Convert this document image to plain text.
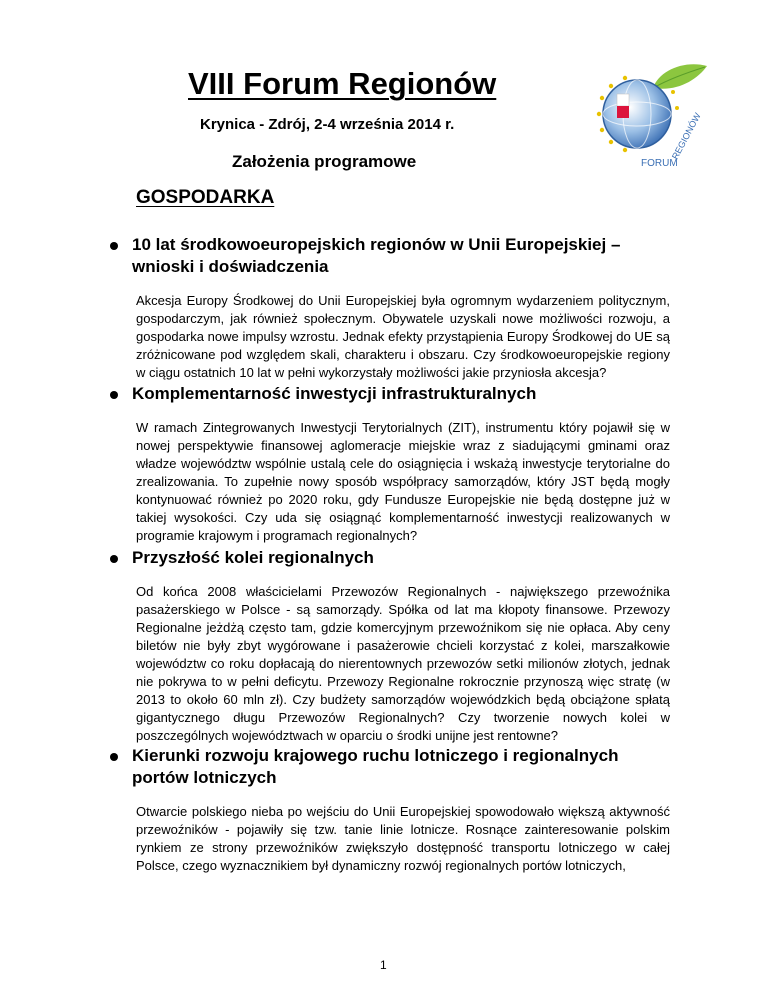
VIII Forum Regionów

Krynica - Zdrój, 2-4 września 2014 r.

Założenia programowe

GOSPODARKA
FORUM
REGIONÓW
10 lat środkowoeuropejskich regionów w Unii Europejskiej – wnioski i doświadczenia

Akcesja Europy Środkowej do Unii Europejskiej była ogromnym wydarzeniem politycznym, gospodarczym, jak również społecznym. Obywatele uzyskali nowe możliwości rozwoju, a gospodarka nowe impulsy wzrostu. Jednak efekty przystąpienia Europy Środkowej do UE są zróżnicowane pod względem skali, charakteru i obszaru. Czy środkowoeuropejskie regiony w ciągu ostatnich 10 lat w pełni wykorzystały możliwości jakie przyniosła akcesja?

Komplementarność inwestycji infrastrukturalnych

W ramach Zintegrowanych Inwestycji Terytorialnych (ZIT), instrumentu który pojawił się w nowej perspektywie finansowej aglomeracje miejskie wraz z siadującymi gminami oraz władze województw wspólnie ustalą cele do osiągnięcia i wskażą inwestycje terytorialne do zrealizowania. To zupełnie nowy sposób współpracy samorządów, który JST będą mogły kontynuować również po 2020 roku, gdy Fundusze Europejskie nie będą dostępne już w takiej wysokości. Czy uda się osiągnąć komplementarność inwestycji realizowanych w programie krajowym i programach regionalnych?

Przyszłość kolei regionalnych

Od końca 2008 właścicielami Przewozów Regionalnych - największego przewoźnika pasażerskiego w Polsce - są samorządy. Spółka od lat ma kłopoty finansowe. Przewozy Regionalne jeżdżą często tam, gdzie komercyjnym przewoźnikom się nie opłaca. Aby ceny biletów nie były zbyt wygórowane i pasażerowie chcieli korzystać z kolei, marszałkowie województw co roku dopłacają do nierentownych przewozów setki milionów złotych, jednak nie pokrywa to w pełni deficytu. Przewozy Regionalne rokrocznie przynoszą więc stratę (w 2013 to około 60 mln zł). Czy budżety samorządów wojewódzkich będą obciążone spłatą gigantycznego długu Przewozów Regionalnych? Czy tworzenie nowych kolei w poszczególnych województwach w oparciu o środki unijne jest rentowne?

Kierunki rozwoju krajowego ruchu lotniczego i regionalnych portów lotniczych

Otwarcie polskiego nieba po wejściu do Unii Europejskiej spowodowało większą aktywność przewoźników - pojawiły się tzw. tanie linie lotnicze. Rosnące zainteresowanie polskim rynkiem ze strony przewoźników zwiększyło dostępność transportu lotniczego w całej Polsce, czego wyznacznikiem był dynamiczny rozwój regionalnych portów lotniczych,

1
